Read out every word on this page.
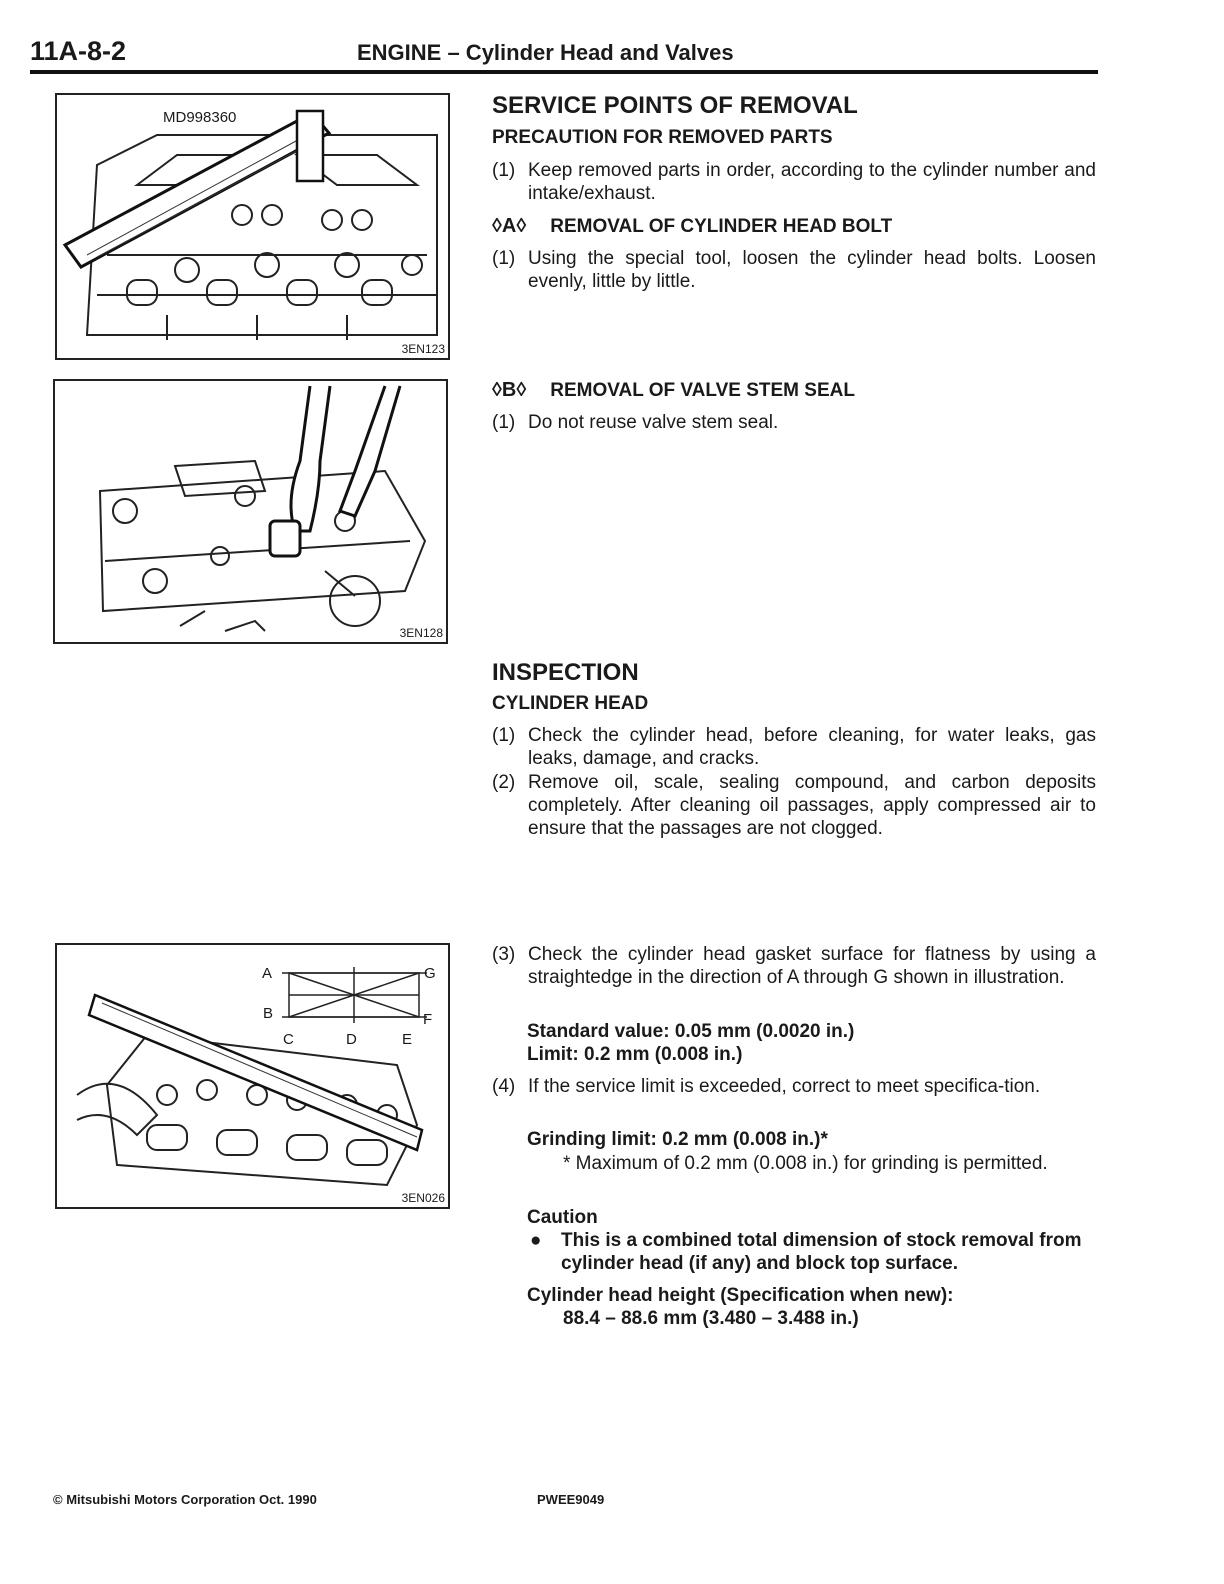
11A-8-2	ENGINE – Cylinder Head and Valves
MD998360
3EN123
3EN128
A	G
B	F
C	D	E
3EN026
SERVICE POINTS OF REMOVAL
PRECAUTION FOR REMOVED PARTS
(1) Keep removed parts in order, according to the cylinder number and intake/exhaust.
◊A◊ REMOVAL OF CYLINDER HEAD BOLT
(1) Using the special tool, loosen the cylinder head bolts. Loosen evenly, little by little.
◊B◊ REMOVAL OF VALVE STEM SEAL
(1) Do not reuse valve stem seal.
INSPECTION
CYLINDER HEAD
(1) Check the cylinder head, before cleaning, for water leaks, gas leaks, damage, and cracks.
(2) Remove oil, scale, sealing compound, and carbon deposits completely. After cleaning oil passages, apply compressed air to ensure that the passages are not clogged.
(3) Check the cylinder head gasket surface for flatness by using a straightedge in the direction of A through G shown in illustration.
Standard value: 0.05 mm (0.0020 in.)
Limit: 0.2 mm (0.008 in.)
(4) If the service limit is exceeded, correct to meet specifica-tion.
Grinding limit: 0.2 mm (0.008 in.)*
* Maximum of 0.2 mm (0.008 in.) for grinding is permitted.
Caution
● This is a combined total dimension of stock removal from cylinder head (if any) and block top surface.
Cylinder head height (Specification when new):
88.4 – 88.6 mm (3.480 – 3.488 in.)
© Mitsubishi Motors Corporation Oct. 1990	PWEE9049
